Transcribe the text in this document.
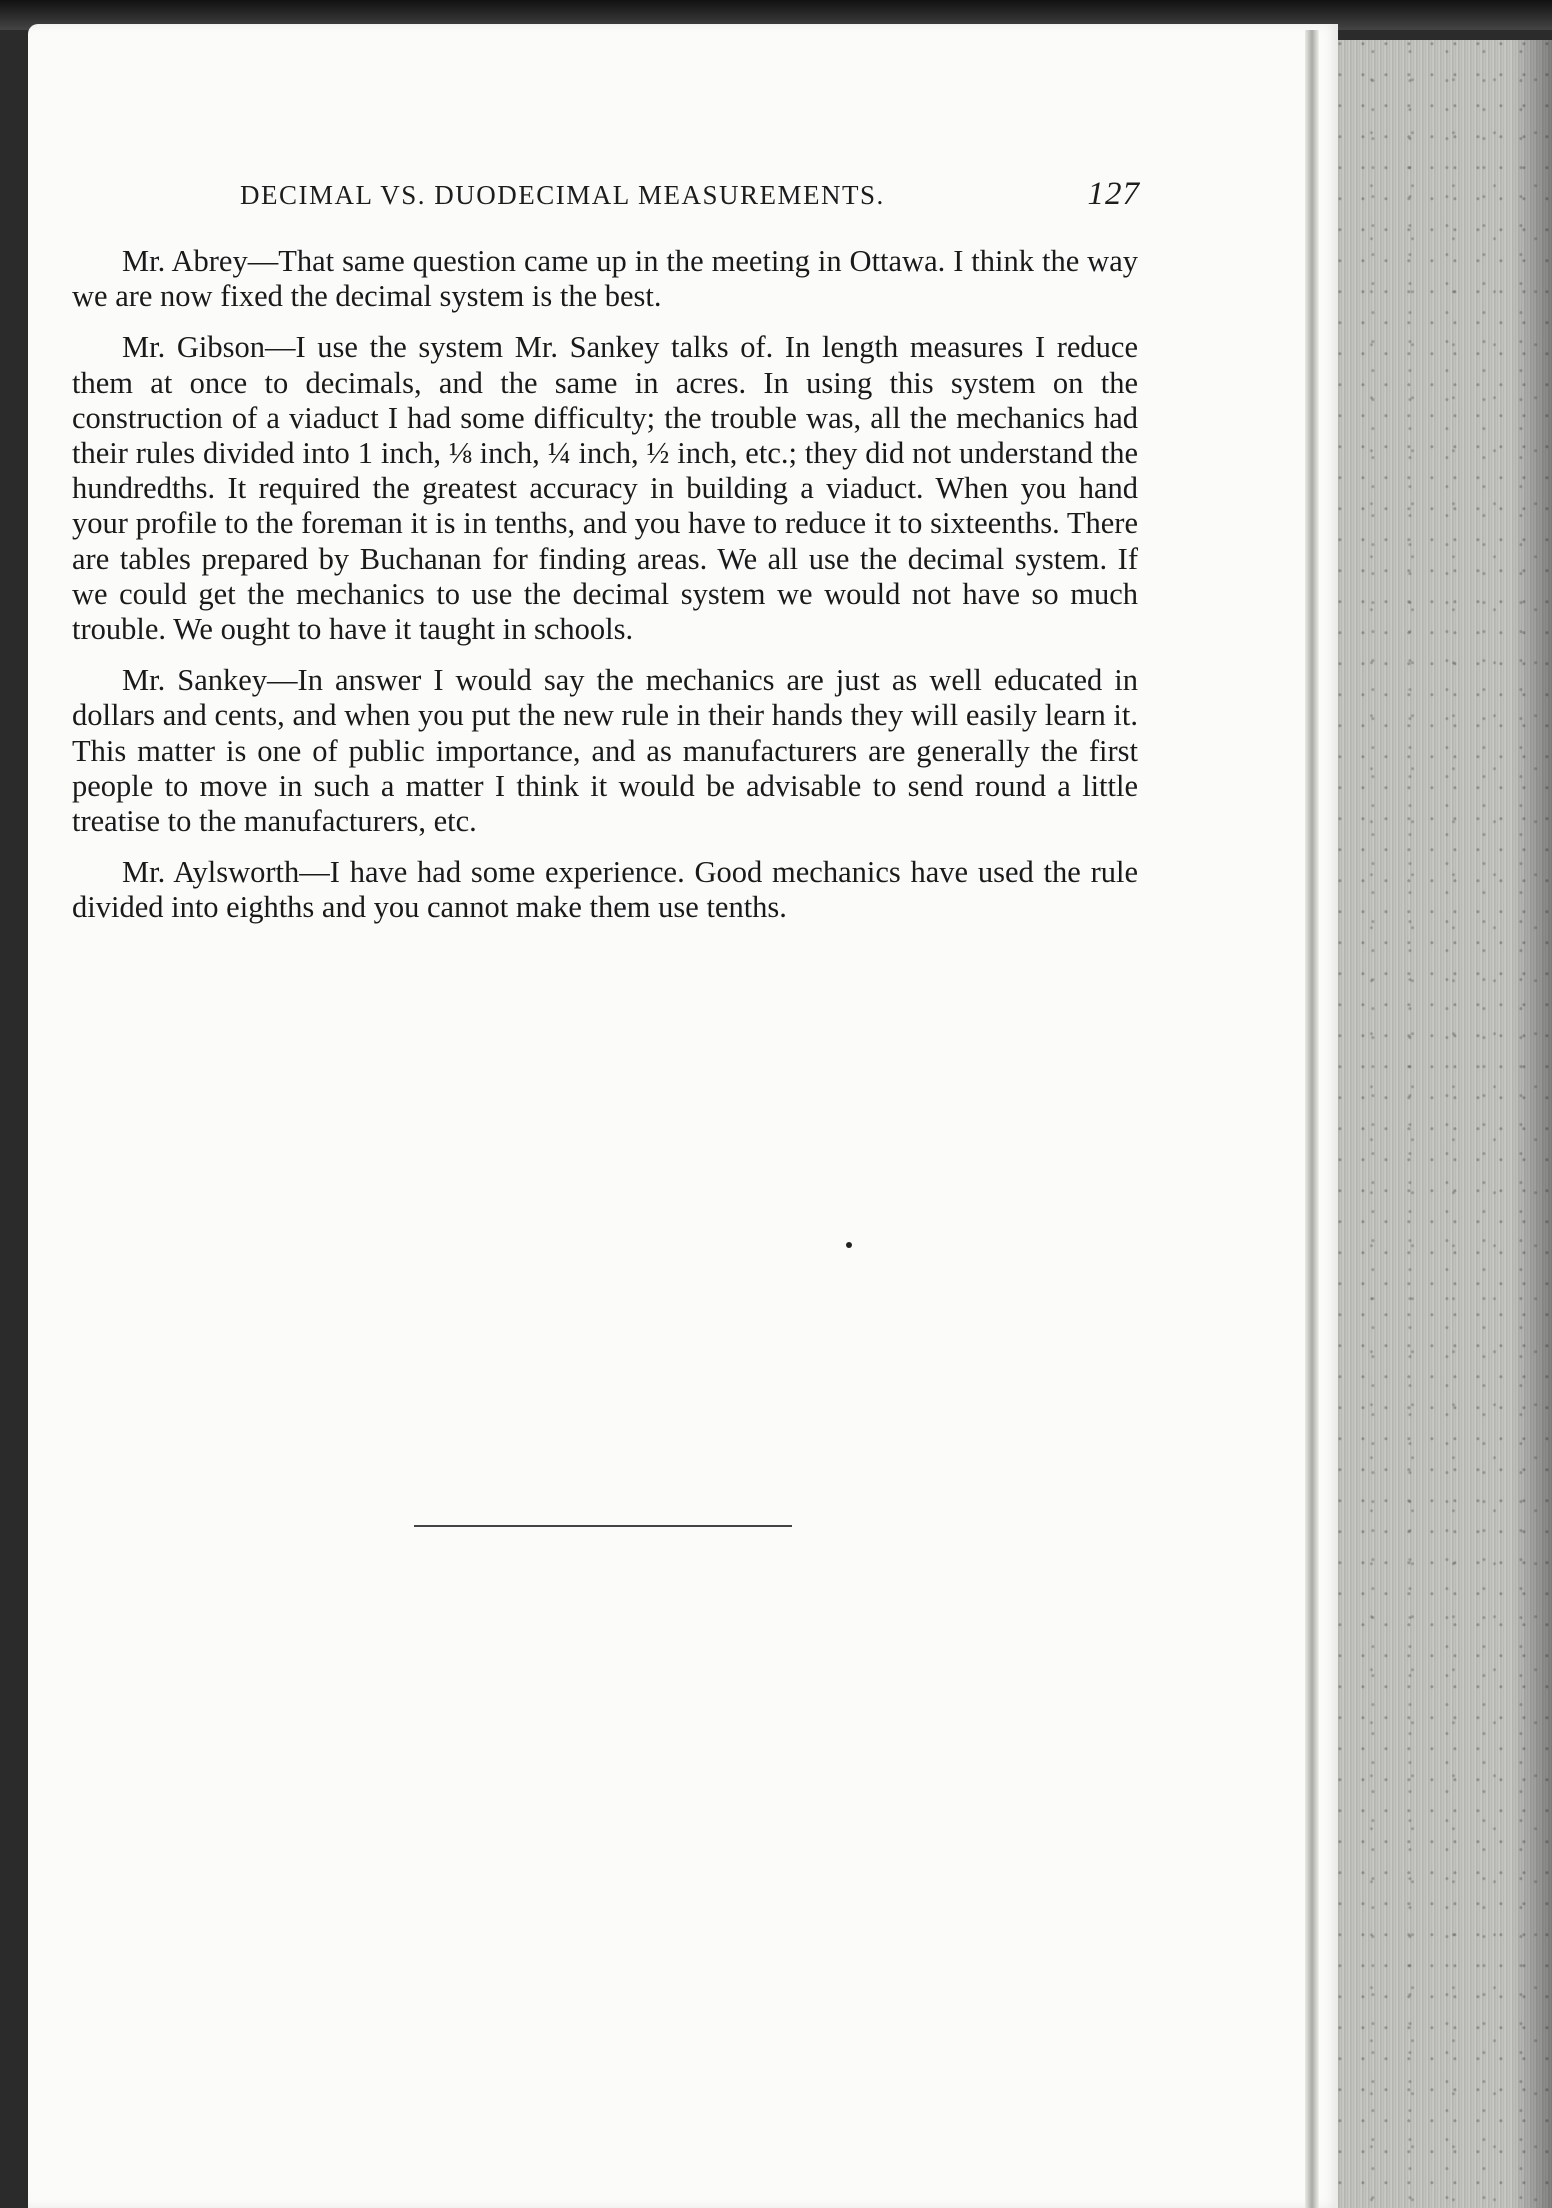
DECIMAL VS. DUODECIMAL MEASUREMENTS.	127

Mr. Abrey—That same question came up in the meeting in Ottawa. I think the way we are now fixed the decimal system is the best.

Mr. Gibson—I use the system Mr. Sankey talks of. In length measures I reduce them at once to decimals, and the same in acres. In using this system on the construction of a viaduct I had some difficulty; the trouble was, all the mechanics had their rules divided into 1 inch, ⅛ inch, ¼ inch, ½ inch, etc.; they did not understand the hundredths. It required the greatest accuracy in building a viaduct. When you hand your profile to the foreman it is in tenths, and you have to reduce it to sixteenths. There are tables prepared by Buchanan for finding areas. We all use the decimal system. If we could get the mechanics to use the decimal system we would not have so much trouble. We ought to have it taught in schools.

Mr. Sankey—In answer I would say the mechanics are just as well educated in dollars and cents, and when you put the new rule in their hands they will easily learn it. This matter is one of public importance, and as manufacturers are generally the first people to move in such a matter I think it would be advisable to send round a little treatise to the manufacturers, etc.

Mr. Aylsworth—I have had some experience. Good mechanics have used the rule divided into eighths and you cannot make them use tenths.
